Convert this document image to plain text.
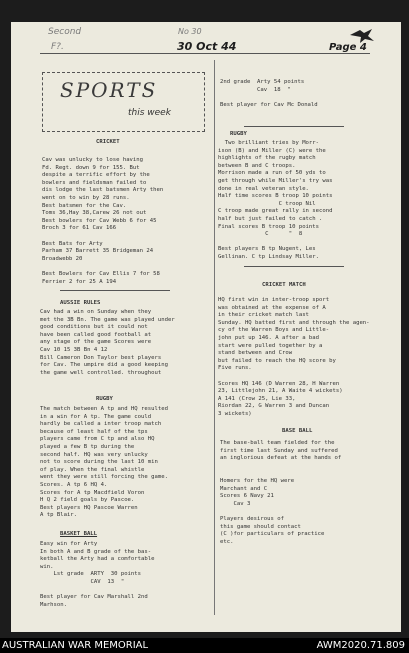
Second	No 30
F?.	30 Oct 44	Page 4
SPORTS
this week
CRICKET
Cav was unlucky to lose having
Fd. Regt. down 9 for 155. But
despite a terrific effort by the
bowlers and fieldsman failed to
dis lodge the last batsmen Arty then
went on to win by 28 runs.
Best batsmen for the Cav.
Toms 36,Hay 38,Carew 26 not out
Best bowlers for Cav Webb 6 for 45
Broch 3 for 61 Cav 166

Best Bats for Arty
Parham 37 Barrett 35 Bridgeman 24
Broadwebb 20

Best Bowlers for Cav Ellis 7 for 58
Ferrier 2 for 25 A 194
AUSSIE RULES
Cav had a win on Sunday when they
met the 3B Bn. The game was played under
good conditions but it could not
have been called good football at
any stage of the game Scores were
Cav 10 15 3B Bn 4 12
Bill Cameron Don Taylor best players
for Cav. The umpire did a good keeping
the game well controlled. throughout
RUGBY
The match between A tp and HQ resulted
in a win for A tp. The game could
hardly be called a inter troop match
because of least half of the tps
players came from C tp and also HQ
played a few B tp during the
second half. HQ was very unlucky
not to score during the last 10 min
of play. When the final whistle
went they were still forcing the game.
Scores. A tp 6 HQ 4.
Scores for A tp Macdfield Voron
H Q 2 field goals by Pascoe.
Best players HQ Pascoe Warren
A tp Blair.
BASKET BALL
Easy win for Arty
In both A and B grade of the bas-
ketball the Arty had a comfortable
win.
Lst grade  ARTY  30 points
CAV  13  "

Best player for Cav Marshall 2nd
Marhson.
2nd grade  Arty 54 points
Cav  18  "

Best player for Cav Mc Donald
RUGBY
Two brilliant tries by Morr-
ison (B) and Miller (C) were the
highlights of the rugby match
between B and C troops.
Morrison made a run of 50 yds to
get through while Miller's try was
done in real veteran style.
Half time scores B troop 10 points
C troop Nil
C troop made great rally in second
half but just failed to catch .
Final scores B troop 10 points
C      "  8

Best players B tp Nugent, Les
Gellinan. C tp Lindsay Miller.
CRICKET MATCH
HQ first win in inter-troop sport
was obtained at the expense of A
in their cricket match last
Sunday. HQ batted first and through the agen-
cy of the Warren Boys and Little-
john put up 146. A after a bad
start were pulled together by a
stand between and Crow
but failed to reach the HQ score by
Five runs.

Scores HQ 146 (D Warren 28, H Warren
23, Littlejohn 21, A Waite 4 wickets)
A 141 (Crow 25, Lie 33,
Riordan 22, G Warren 3 and Duncan
3 wickets)
BASE BALL
The base-ball team fielded for the
first time last Sunday and suffered
an inglorious defeat at the hands of

Homers for the HQ were
Marchant and C
Scores 6 Navy 21
Cav 3

Players desirous of
this game should contact
(C )for particulars of practice
etc.
AUSTRALIAN WAR MEMORIAL	AWM2020.71.809
